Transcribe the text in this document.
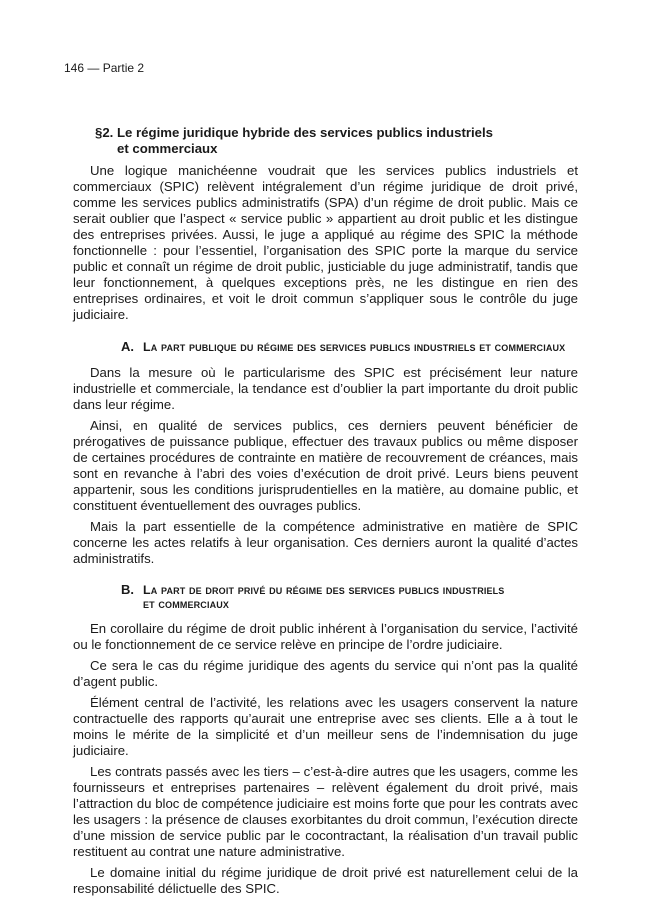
146 — Partie 2
§2. Le régime juridique hybride des services publics industriels
et commerciaux

Une logique manichéenne voudrait que les services publics industriels et commerciaux (SPIC) relèvent intégralement d’un régime juridique de droit privé, comme les services publics administratifs (SPA) d’un régime de droit public. Mais ce serait oublier que l’aspect « service public » appartient au droit public et les distingue des entreprises privées. Aussi, le juge a appliqué au régime des SPIC la méthode fonctionnelle : pour l’essentiel, l’organisation des SPIC porte la marque du service public et connaît un régime de droit public, justiciable du juge administratif, tandis que leur fonctionnement, à quelques exceptions près, ne les distingue en rien des entreprises ordinaires, et voit le droit commun s’appliquer sous le contrôle du juge judiciaire.

A. La part publique du régime des services publics industriels et commerciaux

Dans la mesure où le particularisme des SPIC est précisément leur nature industrielle et commerciale, la tendance est d’oublier la part importante du droit public dans leur régime.

Ainsi, en qualité de services publics, ces derniers peuvent bénéficier de prérogatives de puissance publique, effectuer des travaux publics ou même disposer de certaines procédures de contrainte en matière de recouvrement de créances, mais sont en revanche à l’abri des voies d’exécution de droit privé. Leurs biens peuvent appartenir, sous les conditions jurisprudentielles en la matière, au domaine public, et constituent éventuellement des ouvrages publics.

Mais la part essentielle de la compétence administrative en matière de SPIC concerne les actes relatifs à leur organisation. Ces derniers auront la qualité d’actes administratifs.

B. La part de droit privé du régime des services publics industriels
et commerciaux

En corollaire du régime de droit public inhérent à l’organisation du service, l’activité ou le fonctionnement de ce service relève en principe de l’ordre judiciaire.

Ce sera le cas du régime juridique des agents du service qui n’ont pas la qualité d’agent public.

Élément central de l’activité, les relations avec les usagers conservent la nature contractuelle des rapports qu’aurait une entreprise avec ses clients. Elle a à tout le moins le mérite de la simplicité et d’un meilleur sens de l’indemnisation du juge judiciaire.

Les contrats passés avec les tiers – c’est-à-dire autres que les usagers, comme les fournisseurs et entreprises partenaires – relèvent également du droit privé, mais l’attraction du bloc de compétence judiciaire est moins forte que pour les contrats avec les usagers : la présence de clauses exorbitantes du droit commun, l’exécution directe d’une mission de service public par le cocontractant, la réalisation d’un travail public restituent au contrat une nature administrative.

Le domaine initial du régime juridique de droit privé est naturellement celui de la responsabilité délictuelle des SPIC.
